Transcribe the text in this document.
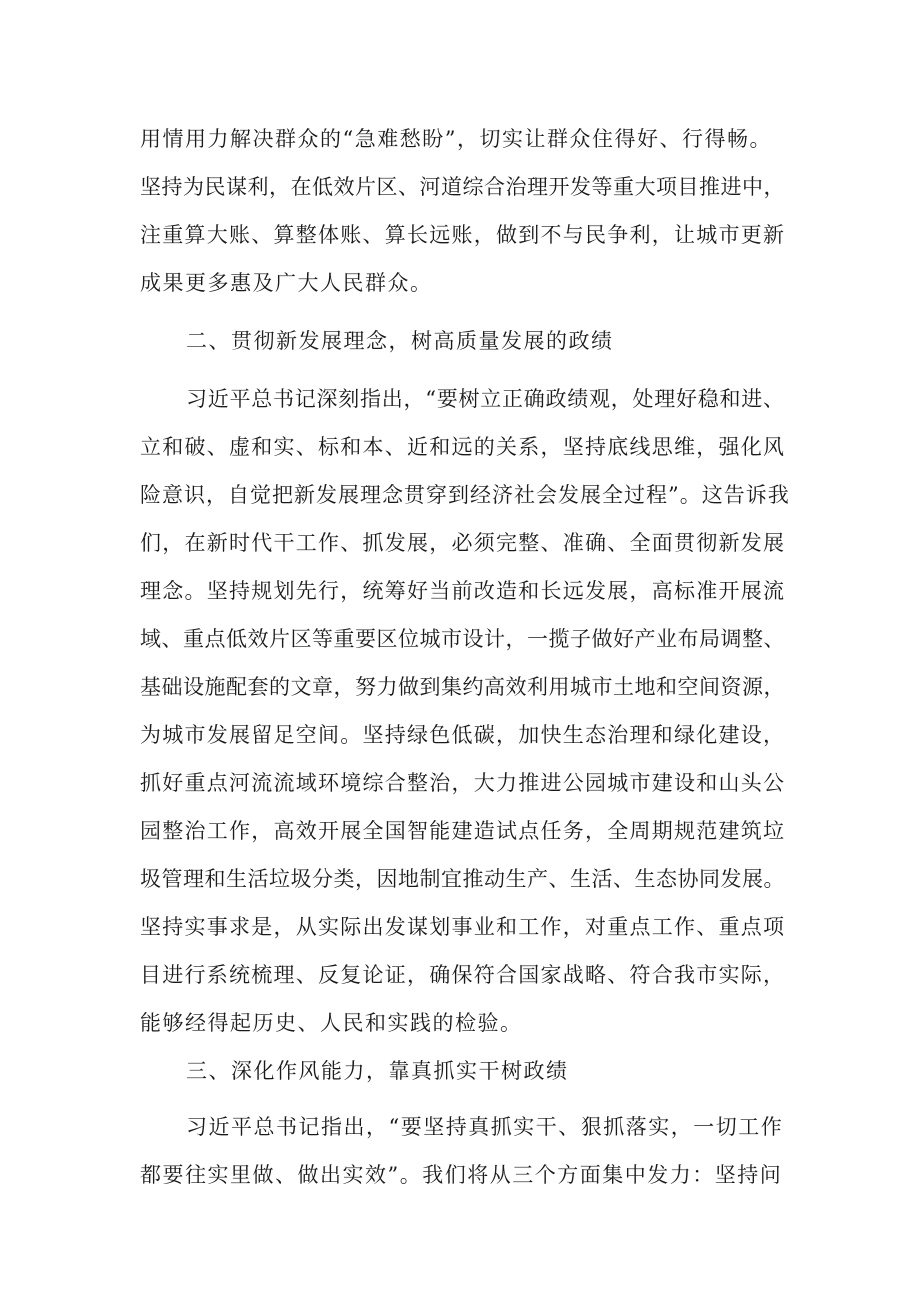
用情用力解决群众的“急难愁盼”，切实让群众住得好、行得畅。
坚持为民谋利，在低效片区、河道综合治理开发等重大项目推进中，
注重算大账、算整体账、算长远账，做到不与民争利，让城市更新
成果更多惠及广大人民群众。
二、贯彻新发展理念，树高质量发展的政绩
习近平总书记深刻指出，“要树立正确政绩观，处理好稳和进、
立和破、虚和实、标和本、近和远的关系，坚持底线思维，强化风
险意识，自觉把新发展理念贯穿到经济社会发展全过程”。这告诉我
们，在新时代干工作、抓发展，必须完整、准确、全面贯彻新发展
理念。坚持规划先行，统筹好当前改造和长远发展，高标准开展流
域、重点低效片区等重要区位城市设计，一揽子做好产业布局调整、
基础设施配套的文章，努力做到集约高效利用城市土地和空间资源，
为城市发展留足空间。坚持绿色低碳，加快生态治理和绿化建设，
抓好重点河流流域环境综合整治，大力推进公园城市建设和山头公
园整治工作，高效开展全国智能建造试点任务，全周期规范建筑垃
圾管理和生活垃圾分类，因地制宜推动生产、生活、生态协同发展。
坚持实事求是，从实际出发谋划事业和工作，对重点工作、重点项
目进行系统梳理、反复论证，确保符合国家战略、符合我市实际，
能够经得起历史、人民和实践的检验。
三、深化作风能力，靠真抓实干树政绩
习近平总书记指出，“要坚持真抓实干、狠抓落实，一切工作
都要往实里做、做出实效”。我们将从三个方面集中发力：坚持问
